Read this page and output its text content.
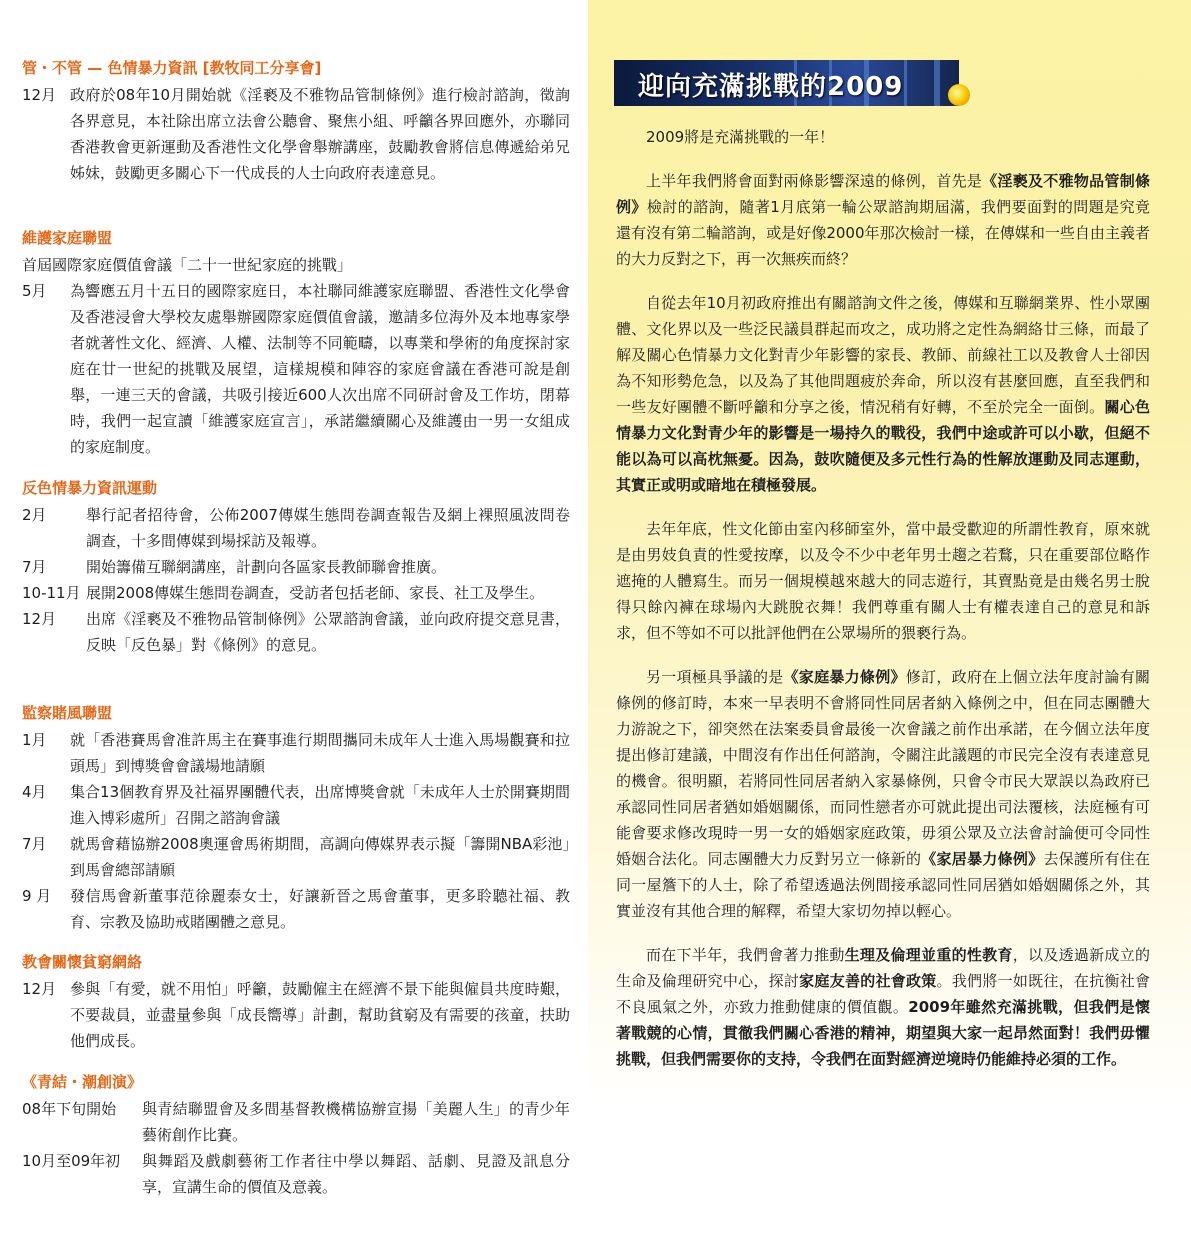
管・不管 — 色情暴力資訊 [教牧同工分享會]
12月 政府於08年10月開始就《淫褻及不雅物品管制條例》進行檢討諮詢，徵詢各界意見，本社除出席立法會公聽會、聚焦小組、呼籲各界回應外，亦聯同香港教會更新運動及香港性文化學會舉辦講座，鼓勵教會將信息傳遞給弟兄姊妹，鼓勵更多關心下一代成長的人士向政府表達意見。
維護家庭聯盟
首屆國際家庭價值會議「二十一世紀家庭的挑戰」
5月	為響應五月十五日的國際家庭日，本社聯同維護家庭聯盟、香港性文化學會及香港浸會大學校友處舉辦國際家庭價值會議，邀請多位海外及本地專家學者就著性文化、經濟、人權、法制等不同範疇，以專業和學術的角度探討家庭在廿一世紀的挑戰及展望，這樣規模和陣容的家庭會議在香港可說是創舉，一連三天的會議，共吸引接近600人次出席不同研討會及工作坊，閉幕時，我們一起宣讀「維護家庭宣言」，承諾繼續關心及維護由一男一女組成的家庭制度。
反色情暴力資訊運動
2月	舉行記者招待會，公佈2007傳媒生態問卷調查報告及網上裸照風波問卷調查，十多間傳媒到場採訪及報導。
7月	開始籌備互聯網講座，計劃向各區家長教師聯會推廣。
10-11月 展開2008傳媒生態問卷調查，受訪者包括老師、家長、社工及學生。
12月	出席《淫褻及不雅物品管制條例》公眾諮詢會議，並向政府提交意見書，反映「反色暴」對《條例》的意見。
監察賭風聯盟
1月	就「香港賽馬會准許馬主在賽事進行期間攜同未成年人士進入馬場觀賽和拉頭馬」到博獎會會議場地請願
4月	集合13個教育界及社福界團體代表，出席博獎會就「未成年人士於開賽期間進入博彩處所」召開之諮詢會議
7月	就馬會藉協辦2008奧運會馬術期間，高調向傳媒界表示擬「籌開NBA彩池」到馬會總部請願
9 月	發信馬會新董事范徐麗泰女士，好讓新晉之馬會董事，更多聆聽社福、教育、宗教及協助戒賭團體之意見。
教會關懷貧窮網絡
12月 參與「有愛，就不用怕」呼籲，鼓勵僱主在經濟不景下能與僱員共度時艱，不要裁員，並盡量參與「成長嚮導」計劃，幫助貧窮及有需要的孩童，扶助他們成長。
《青結・潮創演》
08年下旬開始	與青結聯盟會及多間基督教機構協辦宣揚「美麗人生」的青少年藝術創作比賽。
10月至09年初	與舞蹈及戲劇藝術工作者往中學以舞蹈、話劇、見證及訊息分享，宣講生命的價值及意義。
迎向充滿挑戰的2009

2009將是充滿挑戰的一年！

上半年我們將會面對兩條影響深遠的條例，首先是《淫褻及不雅物品管制條例》檢討的諮詢，隨著1月底第一輪公眾諮詢期屆滿，我們要面對的問題是究竟還有沒有第二輪諮詢，或是好像2000年那次檢討一樣，在傳媒和一些自由主義者的大力反對之下，再一次無疾而終？

自從去年10月初政府推出有關諮詢文件之後，傳媒和互聯網業界、性小眾團體、文化界以及一些泛民議員群起而攻之，成功將之定性為網絡廿三條，而最了解及關心色情暴力文化對青少年影響的家長、教師、前線社工以及教會人士卻因為不知形勢危急，以及為了其他問題疲於奔命，所以沒有甚麼回應，直至我們和一些友好團體不斷呼籲和分享之後，情況稍有好轉，不至於完全一面倒。關心色情暴力文化對青少年的影響是一場持久的戰役，我們中途或許可以小歇，但絕不能以為可以高枕無憂。因為，鼓吹隨便及多元性行為的性解放運動及同志運動，其實正或明或暗地在積極發展。

去年年底，性文化節由室內移師室外，當中最受歡迎的所謂性教育，原來就是由男妓負責的性愛按摩，以及令不少中老年男士趨之若鶩，只在重要部位略作遮掩的人體寫生。而另一個規模越來越大的同志遊行，其賣點竟是由幾名男士脫得只餘內褲在球場內大跳脫衣舞！我們尊重有關人士有權表達自己的意見和訴求，但不等如不可以批評他們在公眾場所的猥褻行為。

另一項極具爭議的是《家庭暴力條例》修訂，政府在上個立法年度討論有關條例的修訂時，本來一早表明不會將同性同居者納入條例之中，但在同志團體大力游說之下，卻突然在法案委員會最後一次會議之前作出承諾，在今個立法年度提出修訂建議，中間沒有作出任何諮詢，令關注此議題的市民完全沒有表達意見的機會。很明顯，若將同性同居者納入家暴條例，只會令市民大眾誤以為政府已承認同性同居者猶如婚姻關係，而同性戀者亦可就此提出司法覆核，法庭極有可能會要求修改現時一男一女的婚姻家庭政策，毋須公眾及立法會討論便可令同性婚姻合法化。同志團體大力反對另立一條新的《家居暴力條例》去保護所有住在同一屋簷下的人士，除了希望透過法例間接承認同性同居猶如婚姻關係之外，其實並沒有其他合理的解釋，希望大家切勿掉以輕心。

而在下半年，我們會著力推動生理及倫理並重的性教育，以及透過新成立的生命及倫理研究中心，探討家庭友善的社會政策。我們將一如既往，在抗衡社會不良風氣之外，亦致力推動健康的價值觀。2009年雖然充滿挑戰，但我們是懷著戰競的心情，貫徹我們關心香港的精神，期望與大家一起昂然面對！我們毋懼挑戰，但我們需要你的支持，令我們在面對經濟逆境時仍能維持必須的工作。
